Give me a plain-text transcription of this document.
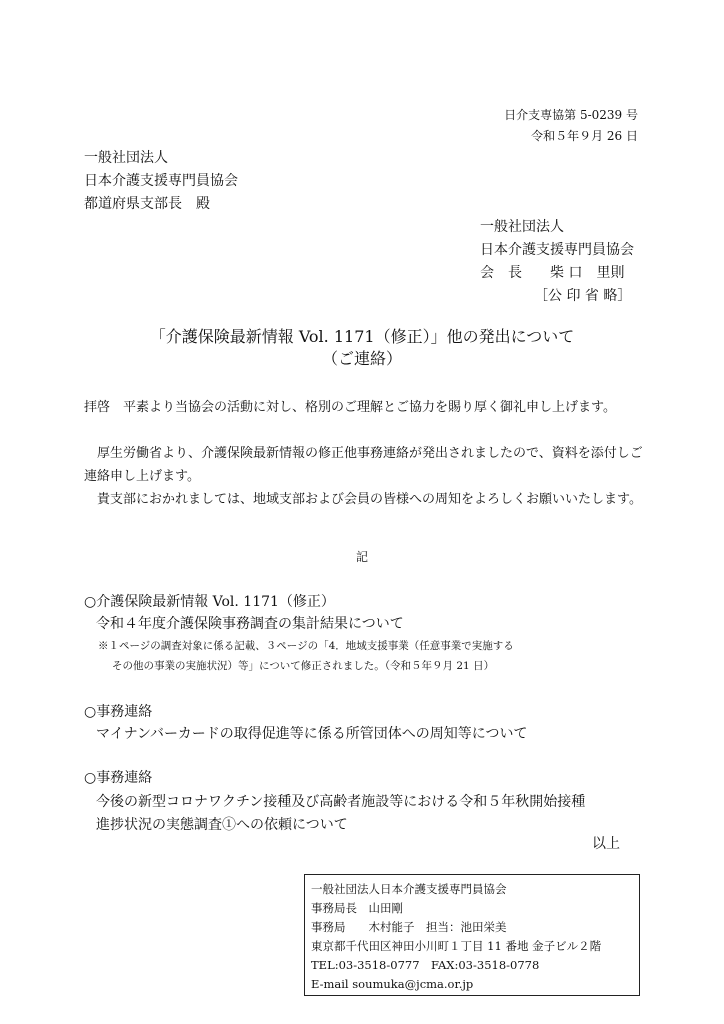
日介支専協第 5-0239 号
令和５年９月 26 日
一般社団法人
日本介護支援専門員協会
都道府県支部長　殿
一般社団法人
日本介護支援専門員協会
会　長　　柴 口　里則
［公 印 省 略］
「介護保険最新情報 Vol. 1171（修正）」他の発出について
（ご連絡）
拝啓　平素より当協会の活動に対し、格別のご理解とご協力を賜り厚く御礼申し上げます。
　厚生労働省より、介護保険最新情報の修正他事務連絡が発出されましたので、資料を添付しご連絡申し上げます。
　貴支部におかれましては、地域支部および会員の皆様への周知をよろしくお願いいたします。
記
○介護保険最新情報 Vol. 1171（修正）
令和４年度介護保険事務調査の集計結果について
※１ページの調査対象に係る記載、３ページの「4．地域支援事業（任意事業で実施する
その他の事業の実施状況）等」について修正されました。（令和５年９月 21 日）
○事務連絡
マイナンバーカードの取得促進等に係る所管団体への周知等について
○事務連絡
今後の新型コロナワクチン接種及び高齢者施設等における令和５年秋開始接種
進捗状況の実態調査①への依頼について
以上
一般社団法人日本介護支援専門員協会
事務局長　山田剛
事務局　　木村能子　担当：池田栄美
東京都千代田区神田小川町１丁目 11 番地 金子ビル２階
TEL:03-3518-0777　FAX:03-3518-0778
E-mail soumuka@jcma.or.jp
